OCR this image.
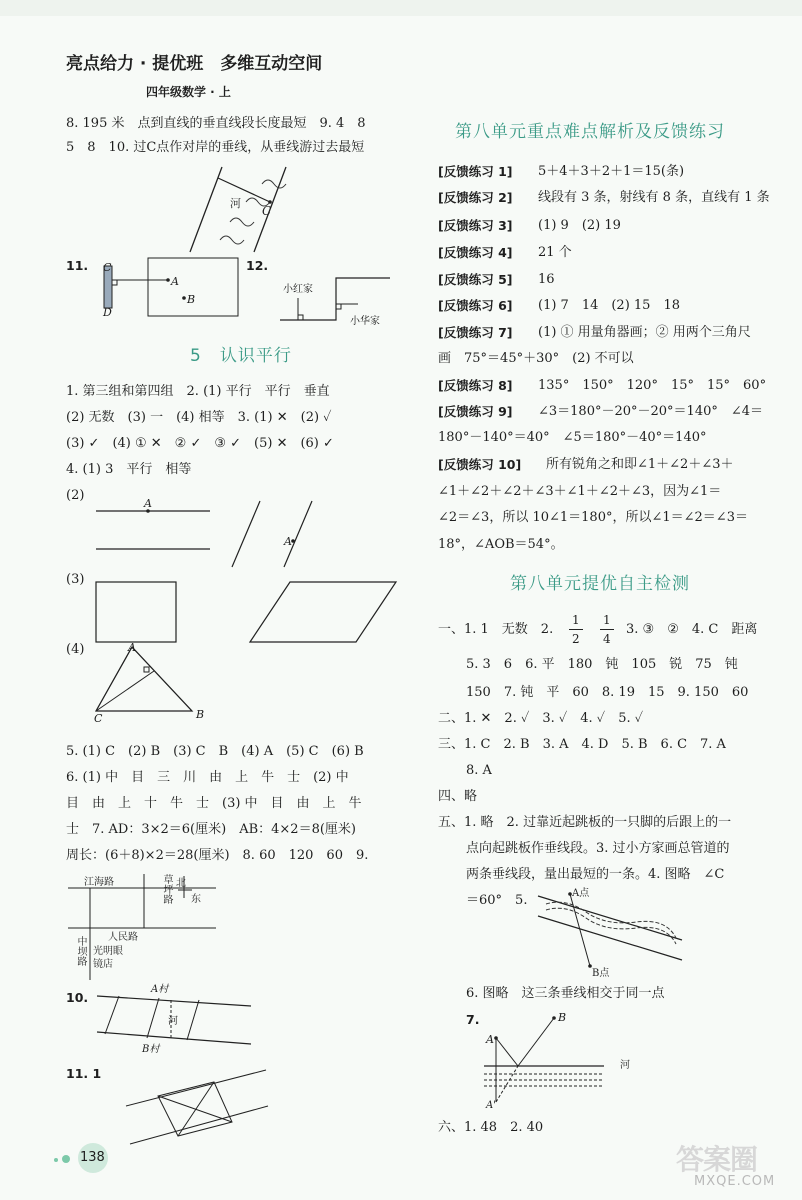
亮点给力 · 提优班　多维互动空间
四年级数学 · 上
8. 195 米　点到直线的垂直线段长度最短　9. 4　8
5　8　10. 过C点作对岸的垂线，从垂线游过去最短
河
C
11. C
D
A
B
12.
小红家
小华家
5　认识平行
1. 第三组和第四组　2. (1) 平行　平行　垂直
(2) 无数　(3) 一　(4) 相等　3. (1) ✕　(2) ✓
(3) ✓　(4) ① ✕　② ✓　③ ✓　(5) ✕　(6) ✓
4. (1) 3　平行　相等
(2)
A
A
(3)
(4)	A
B
C
5. (1) C　(2) B　(3) C　B　(4) A　(5) C　(6) B
6. (1) 中　目　三　川　由　上　牛　士　(2) 中
目　由　上　十　牛　士　(3) 中　目　由　上　牛
士　7. AD：3×2＝6(厘米)　AB：4×2＝8(厘米)
周长：(6＋8)×2＝28(厘米)　8. 60　120　60　9.
江海路	草坪路 北
东
人民路
中坝路 光明眼镜店
10.
A村
河
B村
11. 1
138
第八单元重点难点解析及反馈练习
[反馈练习 1] 5＋4＋3＋2＋1＝15(条)
[反馈练习 2] 线段有 3 条，射线有 8 条，直线有 1 条
[反馈练习 3] (1) 9　(2) 19
[反馈练习 4] 21 个
[反馈练习 5] 16
[反馈练习 6] (1) 7　14　(2) 15　18
[反馈练习 7] (1) ① 用量角器画；② 用两个三角尺
画　75°＝45°＋30°　(2) 不可以
[反馈练习 8] 135°　150°　120°　15°　15°　60°
[反馈练习 9] ∠3＝180°－20°－20°＝140°　∠4＝
180°－140°＝40°　∠5＝180°－40°＝140°
[反馈练习 10] 所有锐角之和即∠1＋∠2＋∠3＋
∠1＋∠2＋∠2＋∠3＋∠1＋∠2＋∠3，因为∠1＝
∠2＝∠3，所以 10∠1＝180°，所以∠1＝∠2＝∠3＝
18°，∠AOB＝54°。
第八单元提优自主检测
一、1. 1　无数　2.
1
2
1
4
3. ③　②　4. C　距离
5. 3　6　6. 平　180　钝　105　锐　75　钝
150　7. 钝　平　60　8. 19　15　9. 150　60
二、1. ✕　2. ✓　3. ✓　4. ✓　5. ✓
三、1. C　2. B　3. A　4. D　5. B　6. C　7. A
8. A
四、略
五、1. 略　2. 过靠近起跳板的一只脚的后跟上的一
点向起跳板作垂线段。3. 过小方家画总管道的
两条垂线段，量出最短的一条。4. 图略　∠C
＝60°　5.	A点
B点
6. 图略　这三条垂线相交于同一点
7.	B
A
A'
河
六、1. 48　2. 40
答案圈
MXQE.COM
